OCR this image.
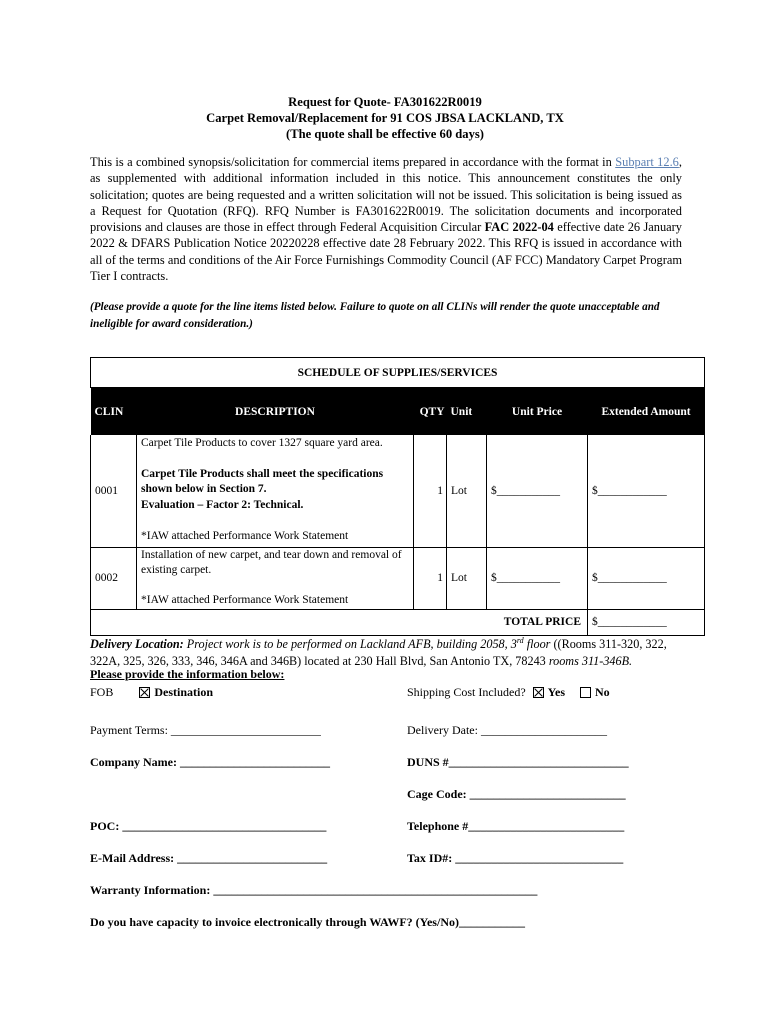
Request for Quote- FA301622R0019
Carpet Removal/Replacement for 91 COS JBSA LACKLAND, TX
(The quote shall be effective 60 days)
This is a combined synopsis/solicitation for commercial items prepared in accordance with the format in Subpart 12.6, as supplemented with additional information included in this notice. This announcement constitutes the only solicitation; quotes are being requested and a written solicitation will not be issued. This solicitation is being issued as a Request for Quotation (RFQ). RFQ Number is FA301622R0019. The solicitation documents and incorporated provisions and clauses are those in effect through Federal Acquisition Circular FAC 2022-04 effective date 26 January 2022 & DFARS Publication Notice 20220228 effective date 28 February 2022. This RFQ is issued in accordance with all of the terms and conditions of the Air Force Furnishings Commodity Council (AF FCC) Mandatory Carpet Program Tier I contracts.
(Please provide a quote for the line items listed below. Failure to quote on all CLINs will render the quote unacceptable and ineligible for award consideration.)
SCHEDULE OF SUPPLIES/SERVICES					
CLIN	DESCRIPTION	QTY	Unit	Unit Price	Extended Amount
0001	Carpet Tile Products to cover 1327 square yard area.
Carpet Tile Products shall meet the specifications shown below in Section 7.
Evaluation – Factor 2: Technical.
*IAW attached Performance Work Statement	1	Lot	$___________	$____________
0002	Installation of new carpet, and tear down and removal of existing carpet.
*IAW attached Performance Work Statement	1	Lot	$___________	$____________
TOTAL PRICE					$____________
Delivery Location: Project work is to be performed on Lackland AFB, building 2058, 3rd floor ((Rooms 311-320, 322, 322A, 325, 326, 333, 346, 346A and 346B) located at 230 Hall Blvd, San Antonio TX, 78243 rooms 311-346B.
Please provide the information below:
FOB	Destination	Shipping Cost Included? Yes	No
Payment Terms: _________________________	Delivery Date: _____________________
Company Name: _________________________	DUNS #______________________________
Cage Code: __________________________
POC: __________________________________	Telephone #__________________________
E-Mail Address: _________________________	Tax ID#: ____________________________
Warranty Information: ______________________________________________________
Do you have capacity to invoice electronically through WAWF? (Yes/No)___________
